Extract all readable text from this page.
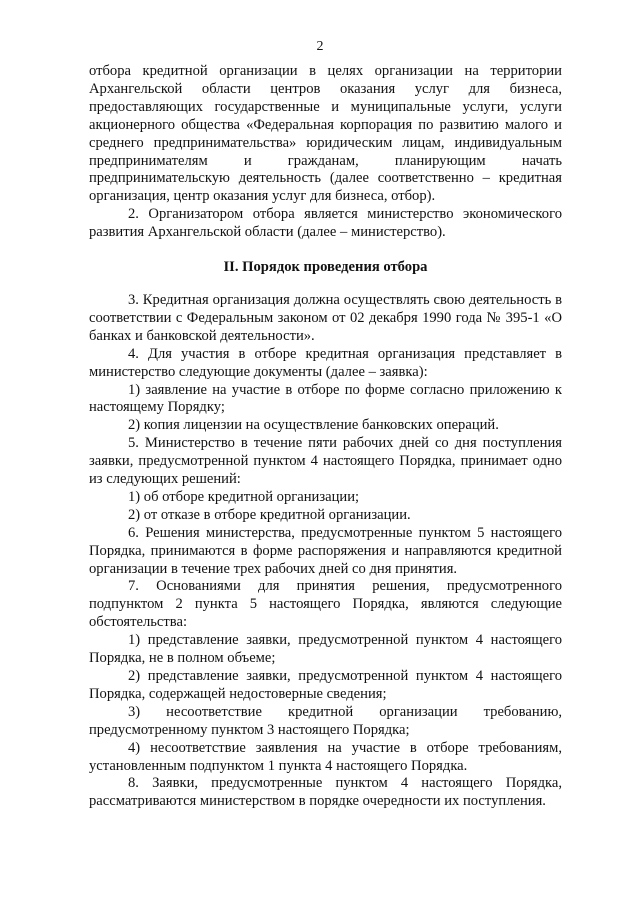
2

отбора кредитной организации в целях организации на территории Архангельской области центров оказания услуг для бизнеса, предоставляющих государственные и муниципальные услуги, услуги акционерного общества «Федеральная корпорация по развитию малого и среднего предпринимательства» юридическим лицам, индивидуальным предпринимателям и гражданам, планирующим начать предпринимательскую деятельность (далее соответственно – кредитная организация, центр оказания услуг для бизнеса, отбор).

2. Организатором отбора является министерство экономического развития Архангельской области (далее – министерство).

II. Порядок проведения отбора

3. Кредитная организация должна осуществлять свою деятельность в соответствии с Федеральным законом от 02 декабря 1990 года № 395-1 «О банках и банковской деятельности».

4. Для участия в отборе кредитная организация представляет в министерство следующие документы (далее – заявка):

1) заявление на участие в отборе по форме согласно приложению к настоящему Порядку;

2) копия лицензии на осуществление банковских операций.

5. Министерство в течение пяти рабочих дней со дня поступления заявки, предусмотренной пунктом 4 настоящего Порядка, принимает одно из следующих решений:

1) об отборе кредитной организации;

2) от отказе в отборе кредитной организации.

6. Решения министерства, предусмотренные пунктом 5 настоящего Порядка, принимаются в форме распоряжения и направляются кредитной организации в течение трех рабочих дней со дня принятия.

7. Основаниями для принятия решения, предусмотренного подпунктом 2 пункта 5 настоящего Порядка, являются следующие обстоятельства:

1) представление заявки, предусмотренной пунктом 4 настоящего Порядка, не в полном объеме;

2) представление заявки, предусмотренной пунктом 4 настоящего Порядка, содержащей недостоверные сведения;

3) несоответствие кредитной организации требованию, предусмотренному пунктом 3 настоящего Порядка;

4) несоответствие заявления на участие в отборе требованиям, установленным подпунктом 1 пункта 4 настоящего Порядка.

8. Заявки, предусмотренные пунктом 4 настоящего Порядка, рассматриваются министерством в порядке очередности их поступления.
